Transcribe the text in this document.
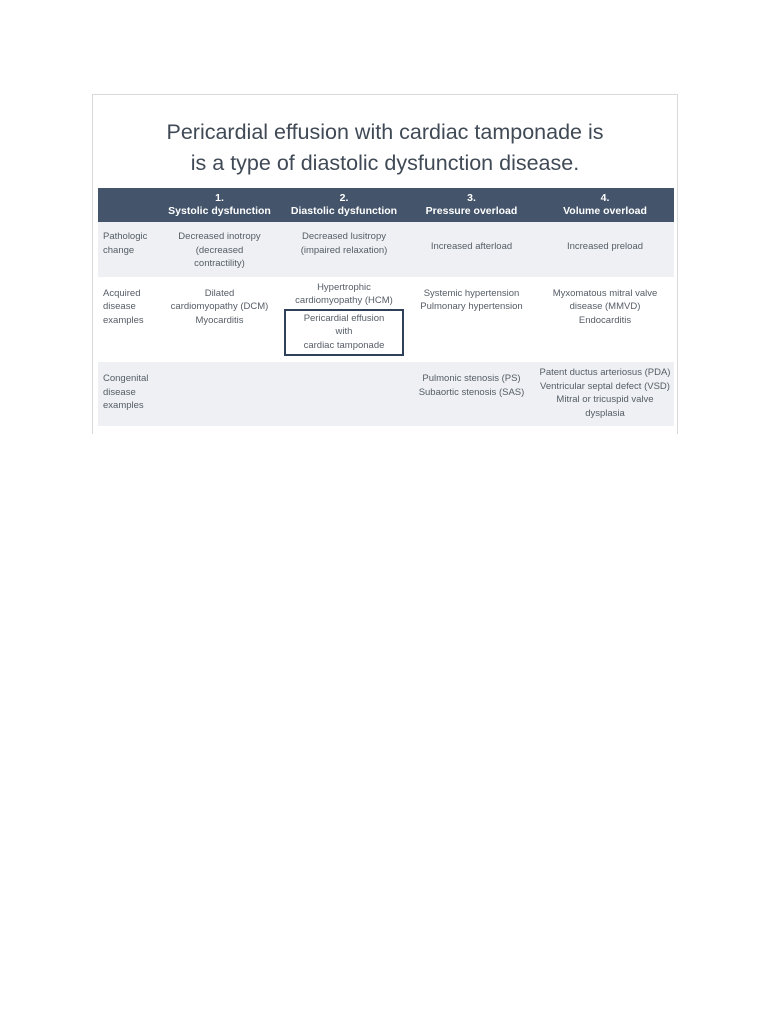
Pericardial effusion with cardiac tamponade is
is a type of diastolic dysfunction disease.

	1.
Systolic dysfunction	2.
Diastolic dysfunction	3.
Pressure overload	4.
Volume overload

Pathologic
change	Decreased inotropy
(decreased
contractility)	Decreased lusitropy
(impaired relaxation)	Increased afterload	Increased preload

Acquired
disease
examples	Dilated
cardiomyopathy (DCM)
Myocarditis	Hypertrophic
cardiomyopathy (HCM)
Pericardial effusion with
cardiac tamponade	Systemic hypertension
Pulmonary hypertension	Myxomatous mitral valve
disease (MMVD)
Endocarditis

Congenital
disease
examples			Pulmonic stenosis (PS)
Subaortic stenosis (SAS)	Patent ductus arteriosus (PDA)
Ventricular septal defect (VSD)
Mitral or tricuspid valve
dysplasia
